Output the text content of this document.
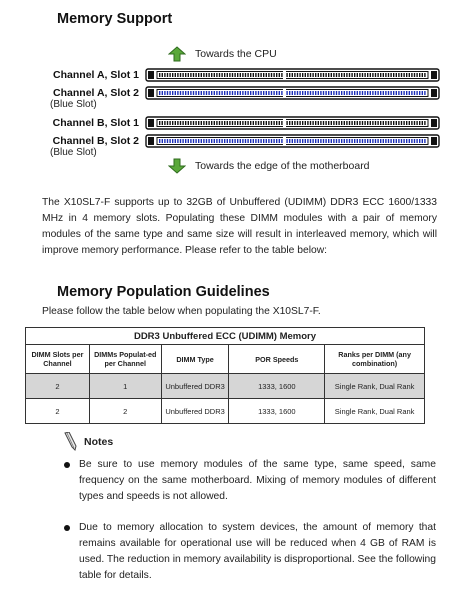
Memory Support
Towards the CPU
Channel A, Slot 1
Channel A, Slot 2
(Blue Slot)
Channel B, Slot 1
Channel B, Slot 2
(Blue Slot)
Towards the edge of the motherboard
The X10SL7-F supports up to 32GB of Unbuffered (UDIMM) DDR3 ECC 1600/1333 MHz in 4 memory slots. Populating these DIMM modules with a pair of memory modules of the same type and same size will result in interleaved memory, which will improve memory performance. Please refer to the table below:
Memory Population Guidelines
Please follow the table below when populating the X10SL7-F.
DDR3 Unbuffered ECC (UDIMM) Memory				
DIMM Slots per Channel	DIMMs Populat-ed per Channel	DIMM Type	POR Speeds	Ranks per DIMM (any combination)
2	1	Unbuffered DDR3	1333, 1600	Single Rank, Dual Rank
2	2	Unbuffered DDR3	1333, 1600	Single Rank, Dual Rank
Notes
Be sure to use memory modules of the same type, same speed, same frequency on the same motherboard. Mixing of memory modules of different types and speeds is not allowed.
Due to memory allocation to system devices, the amount of memory that remains available for operational use will be reduced when 4 GB of RAM is used. The reduction in memory availability is disproportional. See the following table for details.
